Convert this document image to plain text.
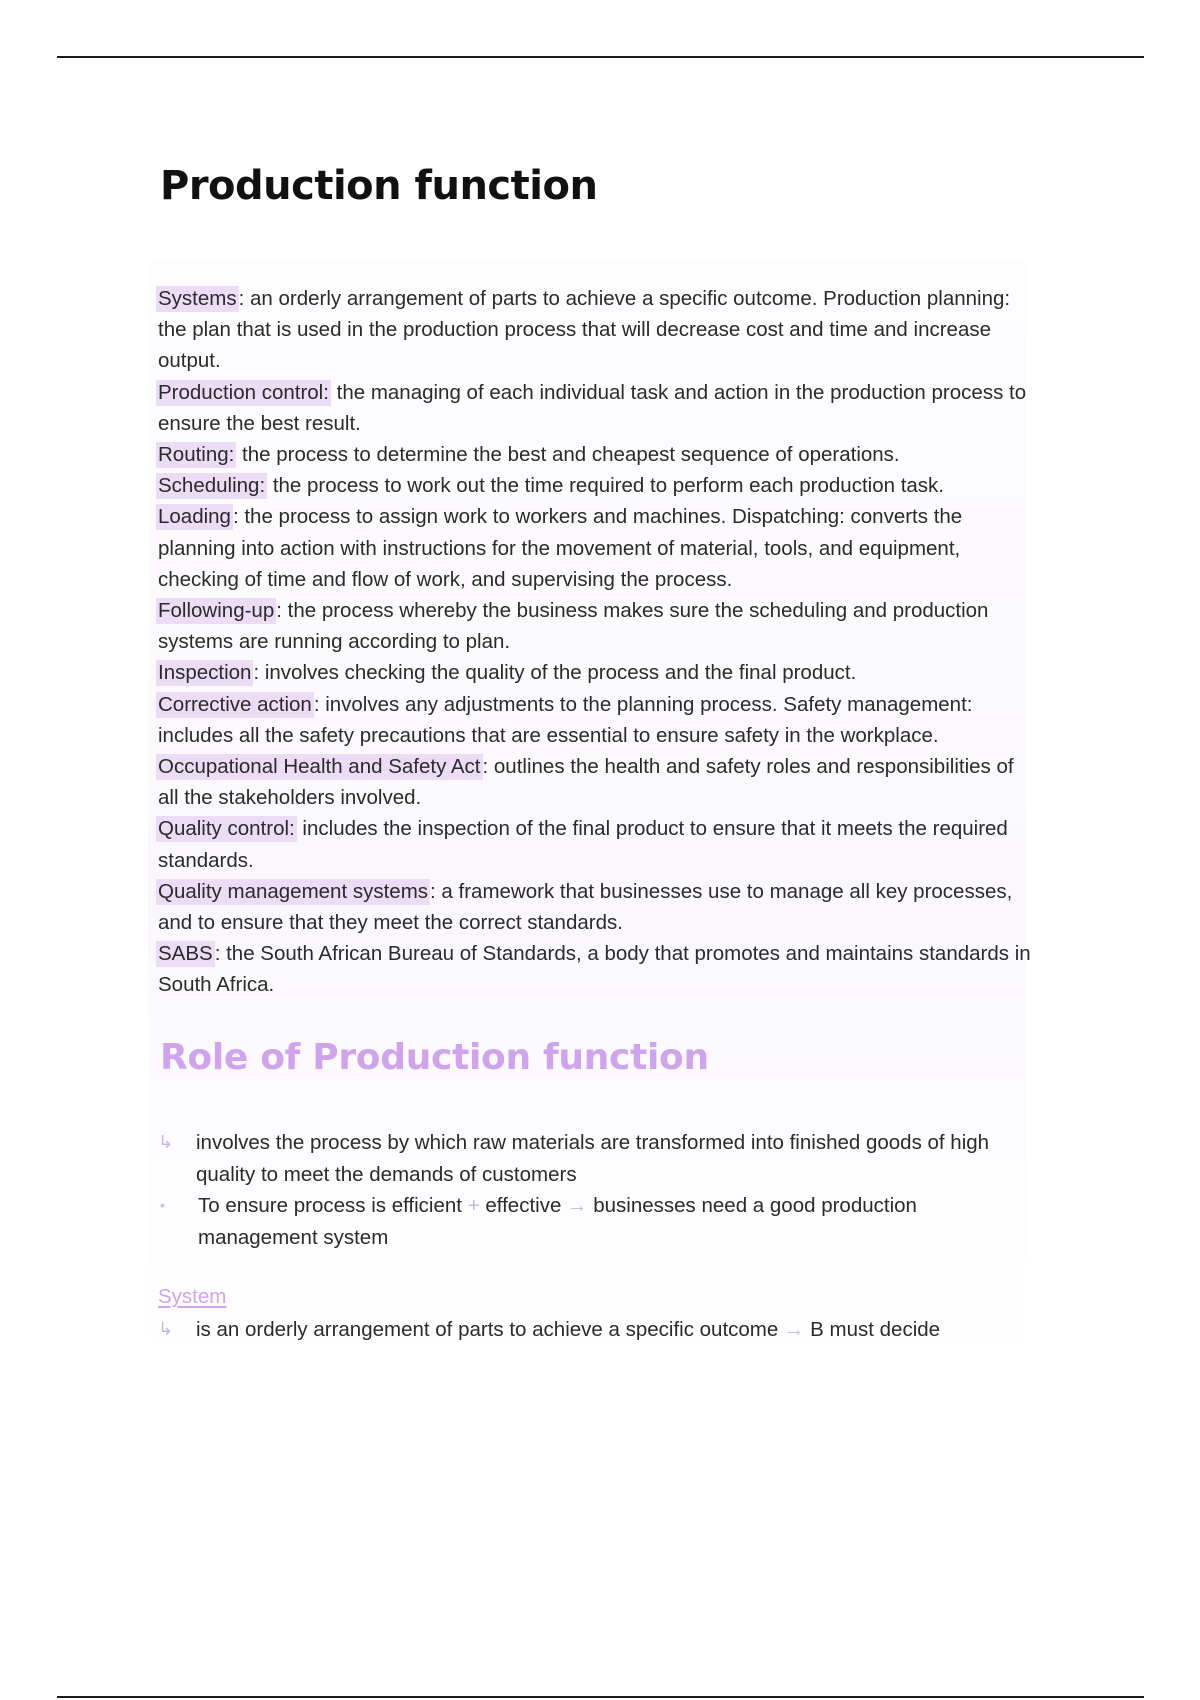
Production function

Systems: an orderly arrangement of parts to achieve a specific outcome. Production planning: the plan that is used in the production process that will decrease cost and time and increase output.

Production control: the managing of each individual task and action in the production process to ensure the best result.

Routing: the process to determine the best and cheapest sequence of operations.

Scheduling: the process to work out the time required to perform each production task.

Loading: the process to assign work to workers and machines. Dispatching: converts the planning into action with instructions for the movement of material, tools, and equipment, checking of time and flow of work, and supervising the process.

Following-up: the process whereby the business makes sure the scheduling and production systems are running according to plan.

Inspection: involves checking the quality of the process and the final product.

Corrective action: involves any adjustments to the planning process. Safety management: includes all the safety precautions that are essential to ensure safety in the workplace.

Occupational Health and Safety Act: outlines the health and safety roles and responsibilities of all the stakeholders involved.

Quality control: includes the inspection of the final product to ensure that it meets the required standards.

Quality management systems: a framework that businesses use to manage all key processes, and to ensure that they meet the correct standards.

SABS: the South African Bureau of Standards, a body that promotes and maintains standards in South Africa.

Role of Production function
↳	involves the process by which raw materials are transformed into finished goods of high quality to meet the demands of customers
•	To ensure process is efficient + effective → businesses need a good production management system
System
↳	is an orderly arrangement of parts to achieve a specific outcome → B must decide
